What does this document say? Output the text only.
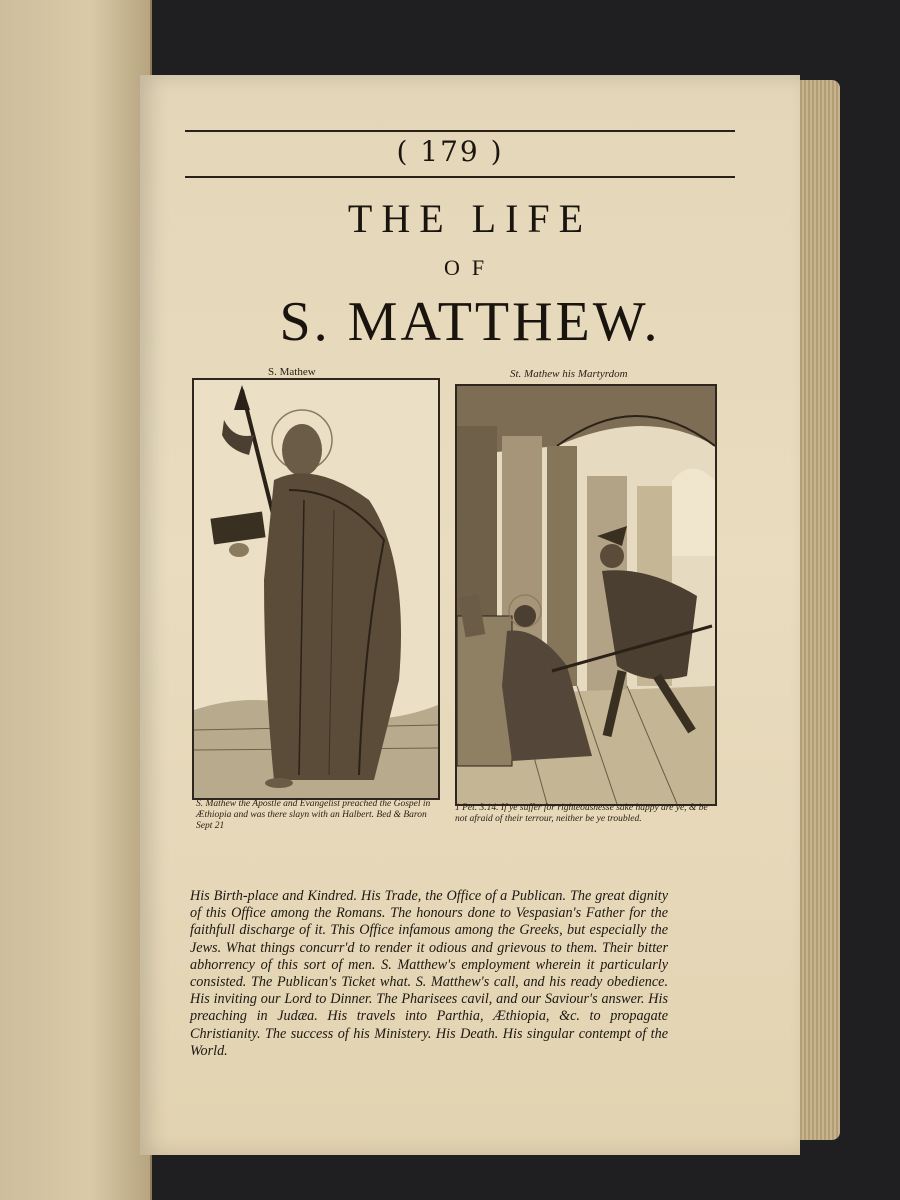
( 179 )
THE LIFE
OF
S. MATTHEW.
S. Mathew
S. Mathew the Apostle and Evangelist preached the Gospel in Æthiopia and was there slayn with an Halbert. Bed & Baron Sept 21
St. Mathew his Martyrdom
1 Pet. 3.14. If ye suffer for righteousnesse sake happy are ye, & be not afraid of their terrour, neither be ye troubled.

His Birth-place and Kindred. His Trade, the Office of a Publican. The great dignity of this Office among the Romans. The honours done to Vespasian's Father for the faithfull discharge of it. This Office infamous among the Greeks, but especially the Jews. What things concurr'd to render it odious and grievous to them. Their bitter abhorrency of this sort of men. S. Matthew's employment wherein it particularly consisted. The Publican's Ticket what. S. Matthew's call, and his ready obedience. His inviting our Lord to Dinner. The Pharisees cavil, and our Saviour's answer. His preaching in Judæa. His travels into Parthia, Æthiopia, &c. to propagate Christianity. The success of his Ministery. His Death. His singular contempt of the World.
